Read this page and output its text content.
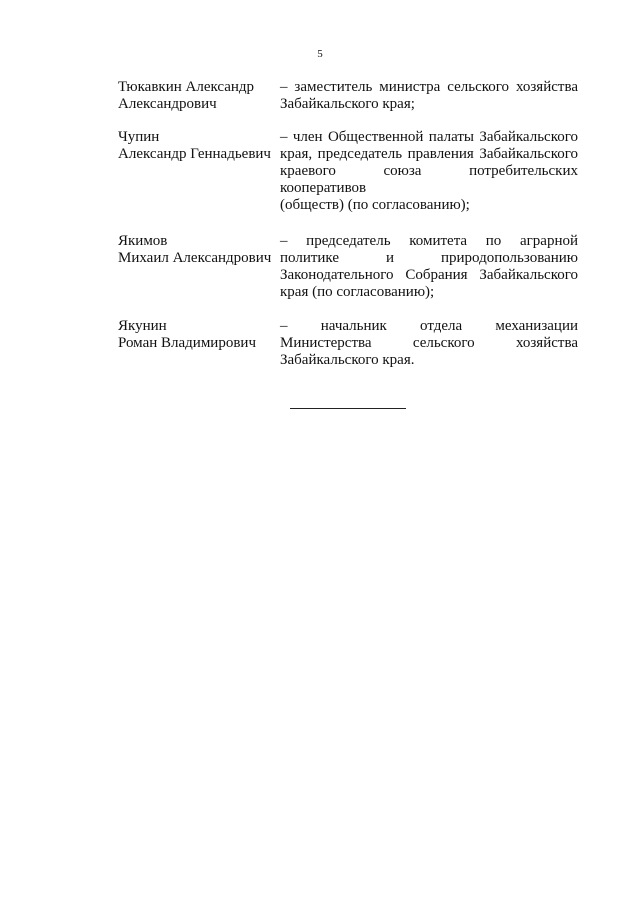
5
Тюкавкин Александр
Александрович
– заместитель министра сельского хозяйства
Забайкальского края;
Чупин
Александр Геннадьевич
– член Общественной палаты Забайкальского
края, председатель правления Забайкальского
краевого союза потребительских кооперативов
(обществ) (по согласованию);
Якимов
Михаил Александрович
– председатель комитета по аграрной
политике и природопользованию
Законодательного Собрания Забайкальского
края (по согласованию);
Якунин
Роман Владимирович
– начальник отдела механизации
Министерства сельского хозяйства
Забайкальского края.
